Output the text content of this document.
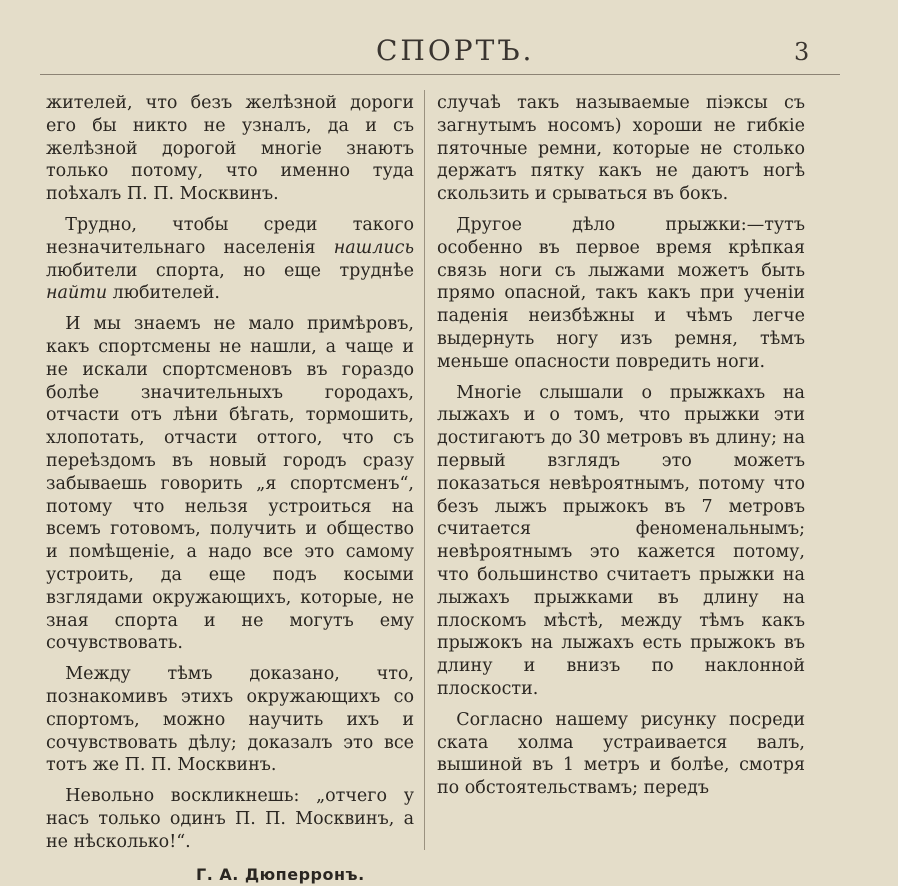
СПОРТЪ.	3

жителей, что безъ желѣзной дороги его бы никто не узналъ, да и съ желѣзной дорогой многiе знаютъ только потому, что именно туда поѣхалъ П. П. Москвинъ.

Трудно, чтобы среди такого незначительнаго населенiя нашлись любители спорта, но еще труднѣе найти любителей.

И мы знаемъ не мало примѣровъ, какъ спортсмены не нашли, а чаще и не искали спортсменовъ въ гораздо болѣе значительныхъ городахъ, отчасти отъ лѣни бѣгать, тормошить, хлопотать, отчасти оттого, что съ переѣздомъ въ новый городъ сразу забываешь говорить „я спортсменъ“, потому что нельзя устроиться на всемъ готовомъ, получить и общество и помѣщенiе, а надо все это самому устроить, да еще подъ косыми взглядами окружающихъ, которые, не зная спорта и не могутъ ему сочувствовать.

Между тѣмъ доказано, что, познакомивъ этихъ окружающихъ со спортомъ, можно научить ихъ и сочувствовать дѣлу; доказалъ это все тотъ же П. П. Москвинъ.

Невольно воскликнешь: „отчего у насъ только одинъ П. П. Москвинъ, а не нѣсколько!“.

Г. А. Дюперронъ.

случаѣ такъ называемые пiэксы съ загнутымъ носомъ) хороши не гибкiе пяточные ремни, которые не столько держатъ пятку какъ не даютъ ногѣ скользить и срываться въ бокъ.

Другое дѣло прыжки:—тутъ особенно въ первое время крѣпкая связь ноги съ лыжами можетъ быть прямо опасной, такъ какъ при ученiи паденiя неизбѣжны и чѣмъ легче выдернуть ногу изъ ремня, тѣмъ меньше опасности повредить ноги.

Многiе слышали о прыжкахъ на лыжахъ и о томъ, что прыжки эти достигаютъ до 30 метровъ въ длину; на первый взглядъ это можетъ показаться невѣроятнымъ, потому что безъ лыжъ прыжокъ въ 7 метровъ считается феноменальнымъ; невѣроятнымъ это кажется потому, что большинство считаетъ прыжки на лыжахъ прыжками въ длину на плоскомъ мѣстѣ, между тѣмъ какъ прыжокъ на лыжахъ есть прыжокъ въ длину и внизъ по наклонной плоскости.

Согласно нашему рисунку посреди ската холма устраивается валъ, вышиной въ 1 метръ и болѣе, смотря по обстоятельствамъ; передъ
